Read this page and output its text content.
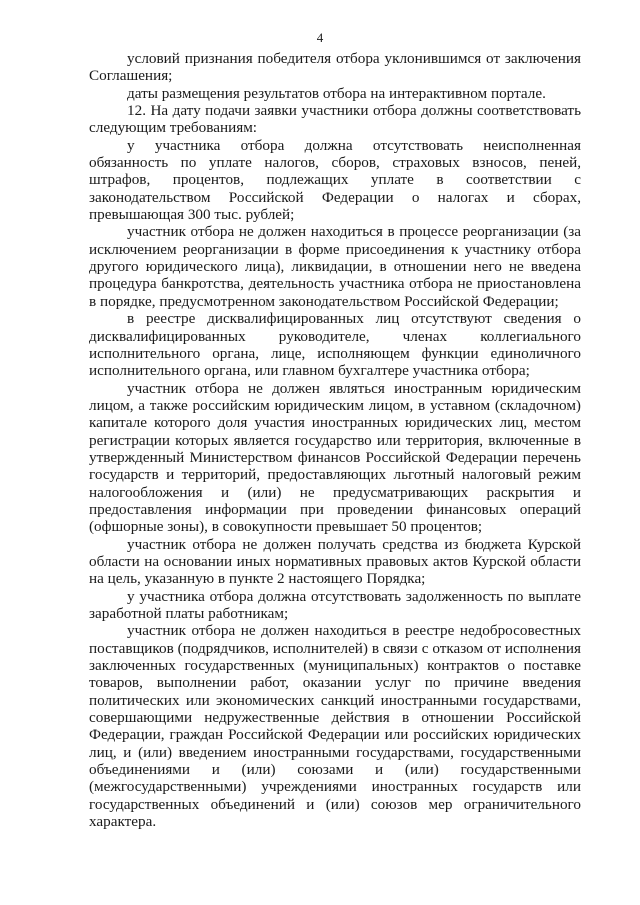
4

условий признания победителя отбора уклонившимся от заключения Соглашения;

даты размещения результатов отбора на интерактивном портале.

12. На дату подачи заявки участники отбора должны соответствовать следующим требованиям:

у участника отбора должна отсутствовать неисполненная обязанность по уплате налогов, сборов, страховых взносов, пеней, штрафов, процентов, подлежащих уплате в соответствии с законодательством Российской Федерации о налогах и сборах, превышающая 300 тыс. рублей;

участник отбора не должен находиться в процессе реорганизации (за исключением реорганизации в форме присоединения к участнику отбора другого юридического лица), ликвидации, в отношении него не введена процедура банкротства, деятельность участника отбора не приостановлена в порядке, предусмотренном законодательством Российской Федерации;

в реестре дисквалифицированных лиц отсутствуют сведения о дисквалифицированных руководителе, членах коллегиального исполнительного органа, лице, исполняющем функции единоличного исполнительного органа, или главном бухгалтере участника отбора;

участник отбора не должен являться иностранным юридическим лицом, а также российским юридическим лицом, в уставном (складочном) капитале которого доля участия иностранных юридических лиц, местом регистрации которых является государство или территория, включенные в утвержденный Министерством финансов Российской Федерации перечень государств и территорий, предоставляющих льготный налоговый режим налогообложения и (или) не предусматривающих раскрытия и предоставления информации при проведении финансовых операций (офшорные зоны), в совокупности превышает 50 процентов;

участник отбора не должен получать средства из бюджета Курской области на основании иных нормативных правовых актов Курской области на цель, указанную в пункте 2 настоящего Порядка;

у участника отбора должна отсутствовать задолженность по выплате заработной платы работникам;

участник отбора не должен находиться в реестре недобросовестных поставщиков (подрядчиков, исполнителей) в связи с отказом от исполнения заключенных государственных (муниципальных) контрактов о поставке товаров, выполнении работ, оказании услуг по причине введения политических или экономических санкций иностранными государствами, совершающими недружественные действия в отношении Российской Федерации, граждан Российской Федерации или российских юридических лиц, и (или) введением иностранными государствами, государственными объединениями и (или) союзами и (или) государственными (межгосударственными) учреждениями иностранных государств или государственных объединений и (или) союзов мер ограничительного характера.
